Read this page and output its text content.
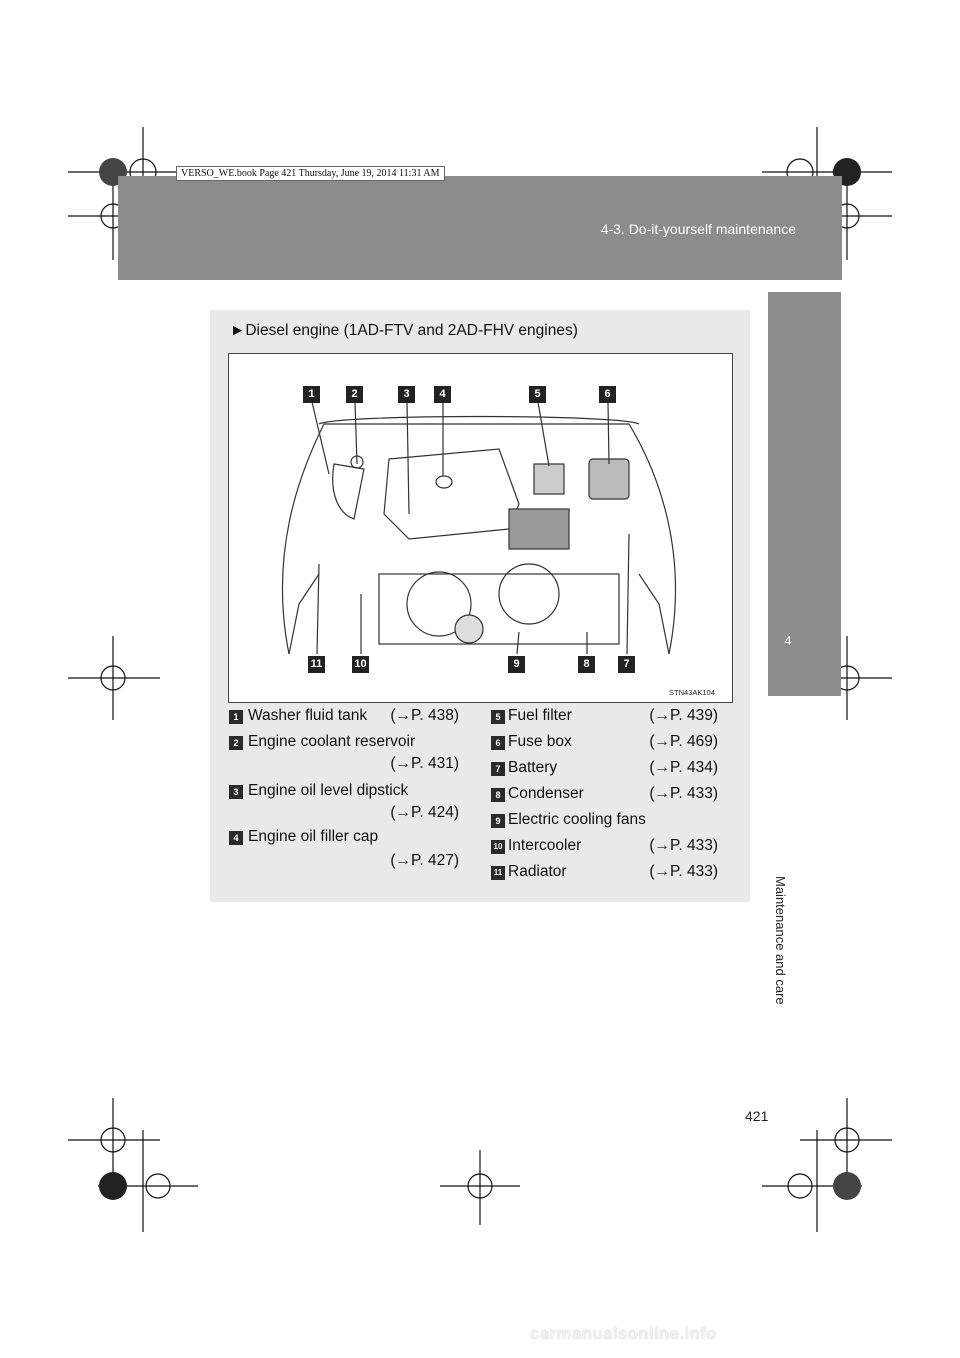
4-3. Do-it-yourself maintenance
VERSO_WE.book Page 421 Thursday, June 19, 2014 11:31 AM
4
Maintenance and care
►Diesel engine (1AD-FTV and 2AD-FHV engines)
1	2	3	4	5	6
11	10	9	8	7
STN43AK104
1 Washer fluid tank	(→P. 438)
2 Engine coolant reservoir
(→P. 431)
3 Engine oil level dipstick
(→P. 424)
4 Engine oil filler cap
(→P. 427)
5 Fuel filter	(→P. 439)
6 Fuse box	(→P. 469)
7 Battery	(→P. 434)
8 Condenser	(→P. 433)
9 Electric cooling fans
10 Intercooler	(→P. 433)
11 Radiator	(→P. 433)
421
carmanualsonline.info
